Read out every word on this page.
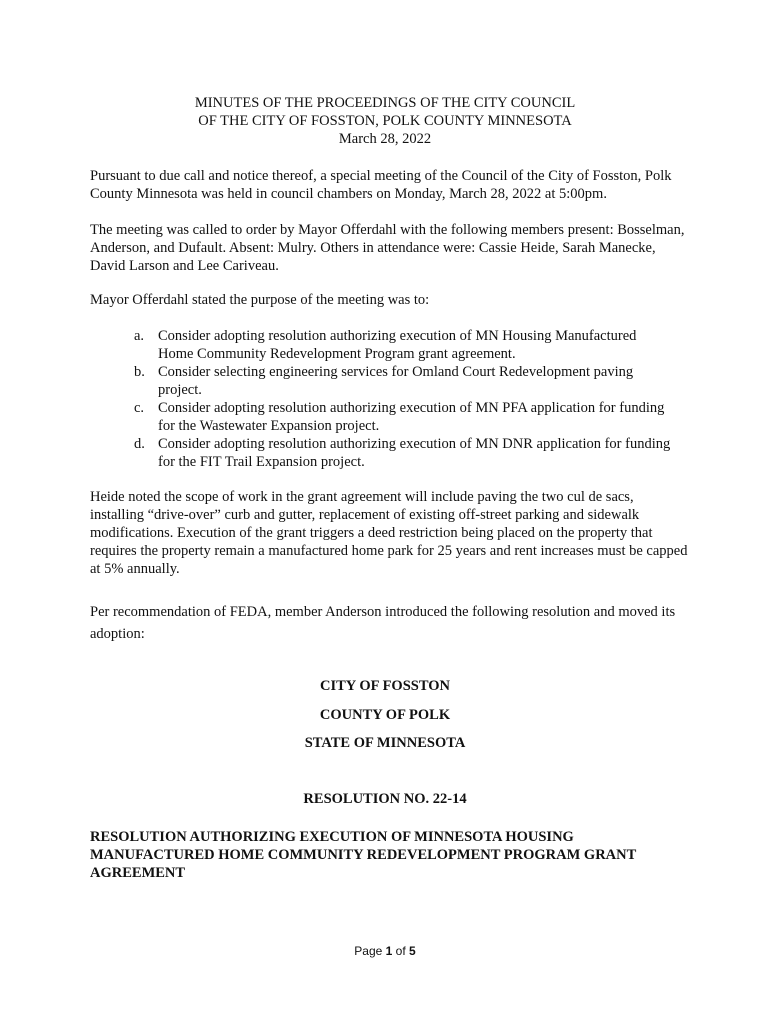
MINUTES OF THE PROCEEDINGS OF THE CITY COUNCIL
OF THE CITY OF FOSSTON, POLK COUNTY MINNESOTA
March 28, 2022

Pursuant to due call and notice thereof, a special meeting of the Council of the City of Fosston, Polk County Minnesota was held in council chambers on Monday, March 28, 2022 at 5:00pm.

The meeting was called to order by Mayor Offerdahl with the following members present: Bosselman, Anderson, and Dufault. Absent: Mulry. Others in attendance were: Cassie Heide, Sarah Manecke, David Larson and Lee Cariveau.

Mayor Offerdahl stated the purpose of the meeting was to:

a. Consider adopting resolution authorizing execution of MN Housing Manufactured Home Community Redevelopment Program grant agreement.
b. Consider selecting engineering services for Omland Court Redevelopment paving project.
c. Consider adopting resolution authorizing execution of MN PFA application for funding for the Wastewater Expansion project.
d. Consider adopting resolution authorizing execution of MN DNR application for funding for the FIT Trail Expansion project.

Heide noted the scope of work in the grant agreement will include paving the two cul de sacs, installing “drive-over” curb and gutter, replacement of existing off-street parking and sidewalk modifications. Execution of the grant triggers a deed restriction being placed on the property that requires the property remain a manufactured home park for 25 years and rent increases must be capped at 5% annually.

Per recommendation of FEDA, member Anderson introduced the following resolution and moved its adoption:

CITY OF FOSSTON
COUNTY OF POLK
STATE OF MINNESOTA
RESOLUTION NO. 22-14

RESOLUTION AUTHORIZING EXECUTION OF MINNESOTA HOUSING MANUFACTURED HOME COMMUNITY REDEVELOPMENT PROGRAM GRANT AGREEMENT

Page 1 of 5
